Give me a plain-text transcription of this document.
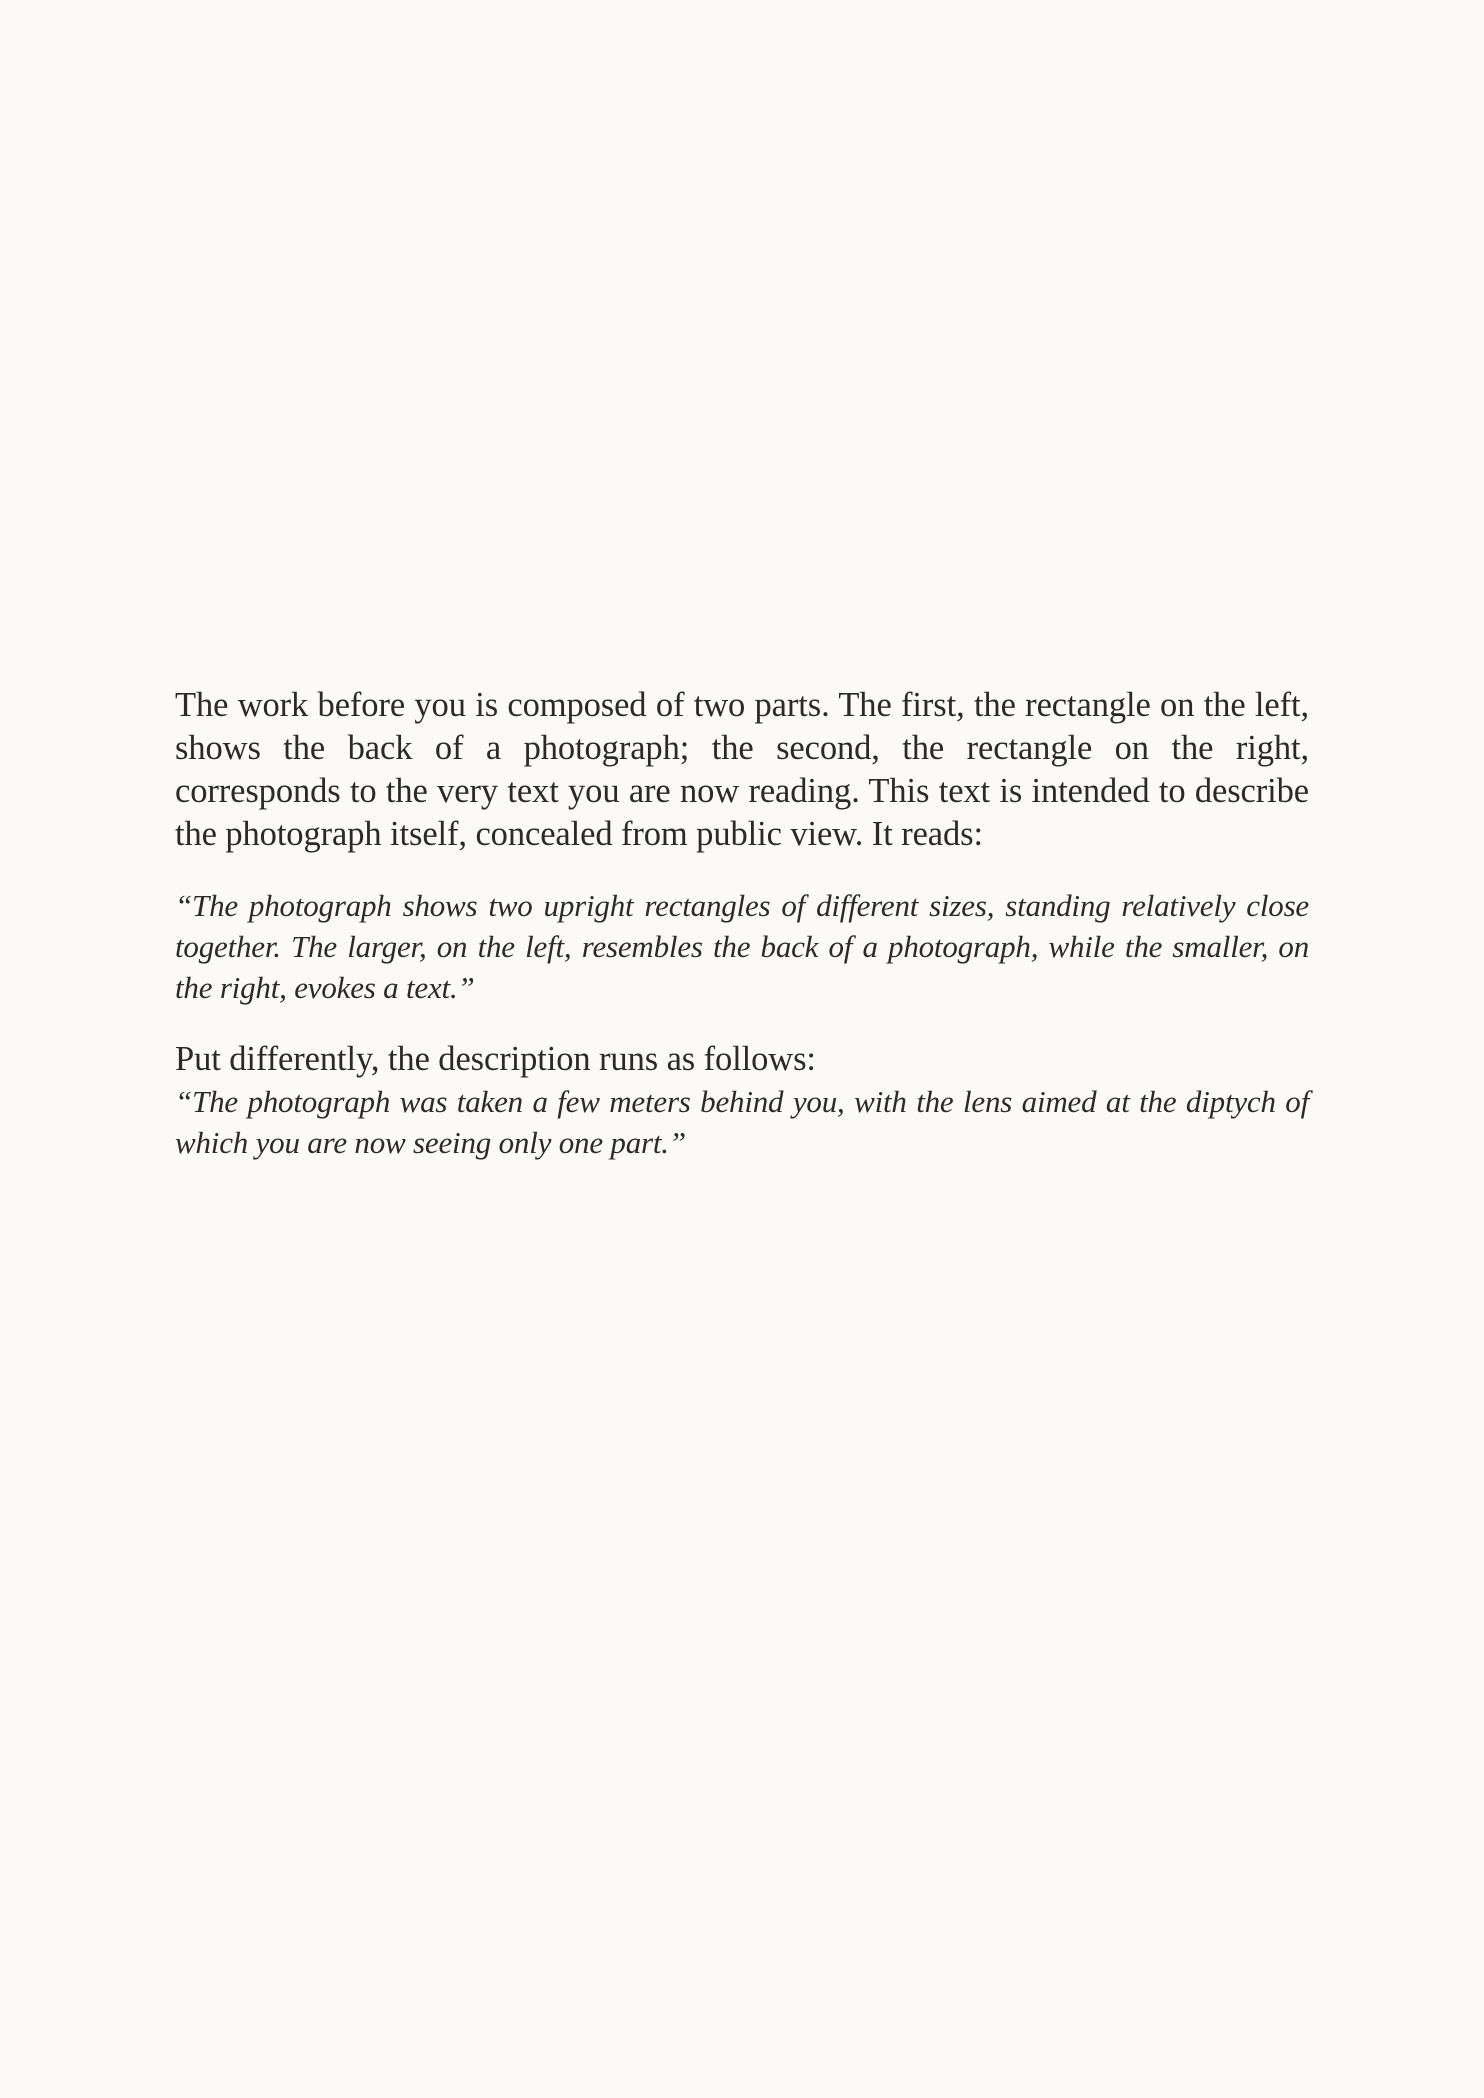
The work before you is composed of two parts. The first, the rectangle on the left, shows the back of a photograph; the second, the rectangle on the right, corresponds to the very text you are now reading. This text is intended to describe the photograph itself, concealed from public view. It reads:

“The photograph shows two upright rectangles of different sizes, standing relatively close together. The larger, on the left, resembles the back of a photograph, while the smaller, on the right, evokes a text.”

Put differently, the description runs as follows:

“The photograph was taken a few meters behind you, with the lens aimed at the diptych of which you are now seeing only one part.”
